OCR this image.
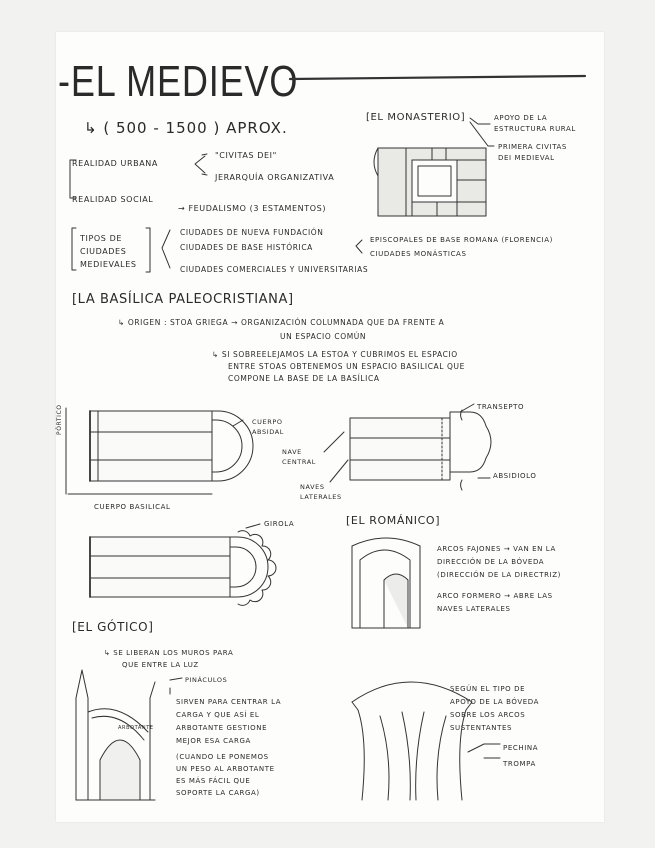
-EL MEDIEVO
↳ ( 500 - 1500 ) APROX.
REALIDAD URBANA
"CIVITAS DEI"
JERARQUÍA ORGANIZATIVA
REALIDAD SOCIAL
→ FEUDALISMO (3 ESTAMENTOS)
[EL MONASTERIO]	APOYO DE LA
ESTRUCTURA RURAL
PRIMERA CIVITAS
DEI MEDIEVAL
TIPOS DE
CIUDADES
MEDIEVALES
CIUDADES DE NUEVA FUNDACIÓN
CIUDADES DE BASE HISTÓRICA
CIUDADES COMERCIALES Y UNIVERSITARIAS
EPISCOPALES DE BASE ROMANA (FLORENCIA)
CIUDADES MONÁSTICAS
[LA BASÍLICA PALEOCRISTIANA]
↳ ORIGEN : STOA GRIEGA → ORGANIZACIÓN COLUMNADA QUE DA FRENTE A
UN ESPACIO COMÚN
↳ SI SOBREELEJAMOS LA ESTOA Y CUBRIMOS EL ESPACIO
ENTRE STOAS OBTENEMOS UN ESPACIO BASILICAL QUE
COMPONE LA BASE DE LA BASÍLICA
PÓRTICO	CUERPO
ABSIDAL
CUERPO BASILICAL
NAVE
CENTRAL
NAVES
LATERALES
TRANSEPTO
ABSIDIOLO
GIROLA	[EL ROMÁNICO]
ARCOS FAJONES → VAN EN LA
DIRECCIÓN DE LA BÓVEDA
(DIRECCIÓN DE LA DIRECTRIZ)
ARCO FORMERO → ABRE LAS
NAVES LATERALES
[EL GÓTICO]
↳ SE LIBERAN LOS MUROS PARA
QUE ENTRE LA LUZ
PINÁCULOS
ARBOTANTE
SIRVEN PARA CENTRAR LA
CARGA Y QUE ASÍ EL
ARBOTANTE GESTIONE
MEJOR ESA CARGA
(CUANDO LE PONEMOS
UN PESO AL ARBOTANTE
ES MÁS FÁCIL QUE
SOPORTE LA CARGA)
SEGÚN EL TIPO DE
APOYO DE LA BÓVEDA
SOBRE LOS ARCOS
SUSTENTANTES
PECHINA
TROMPA
